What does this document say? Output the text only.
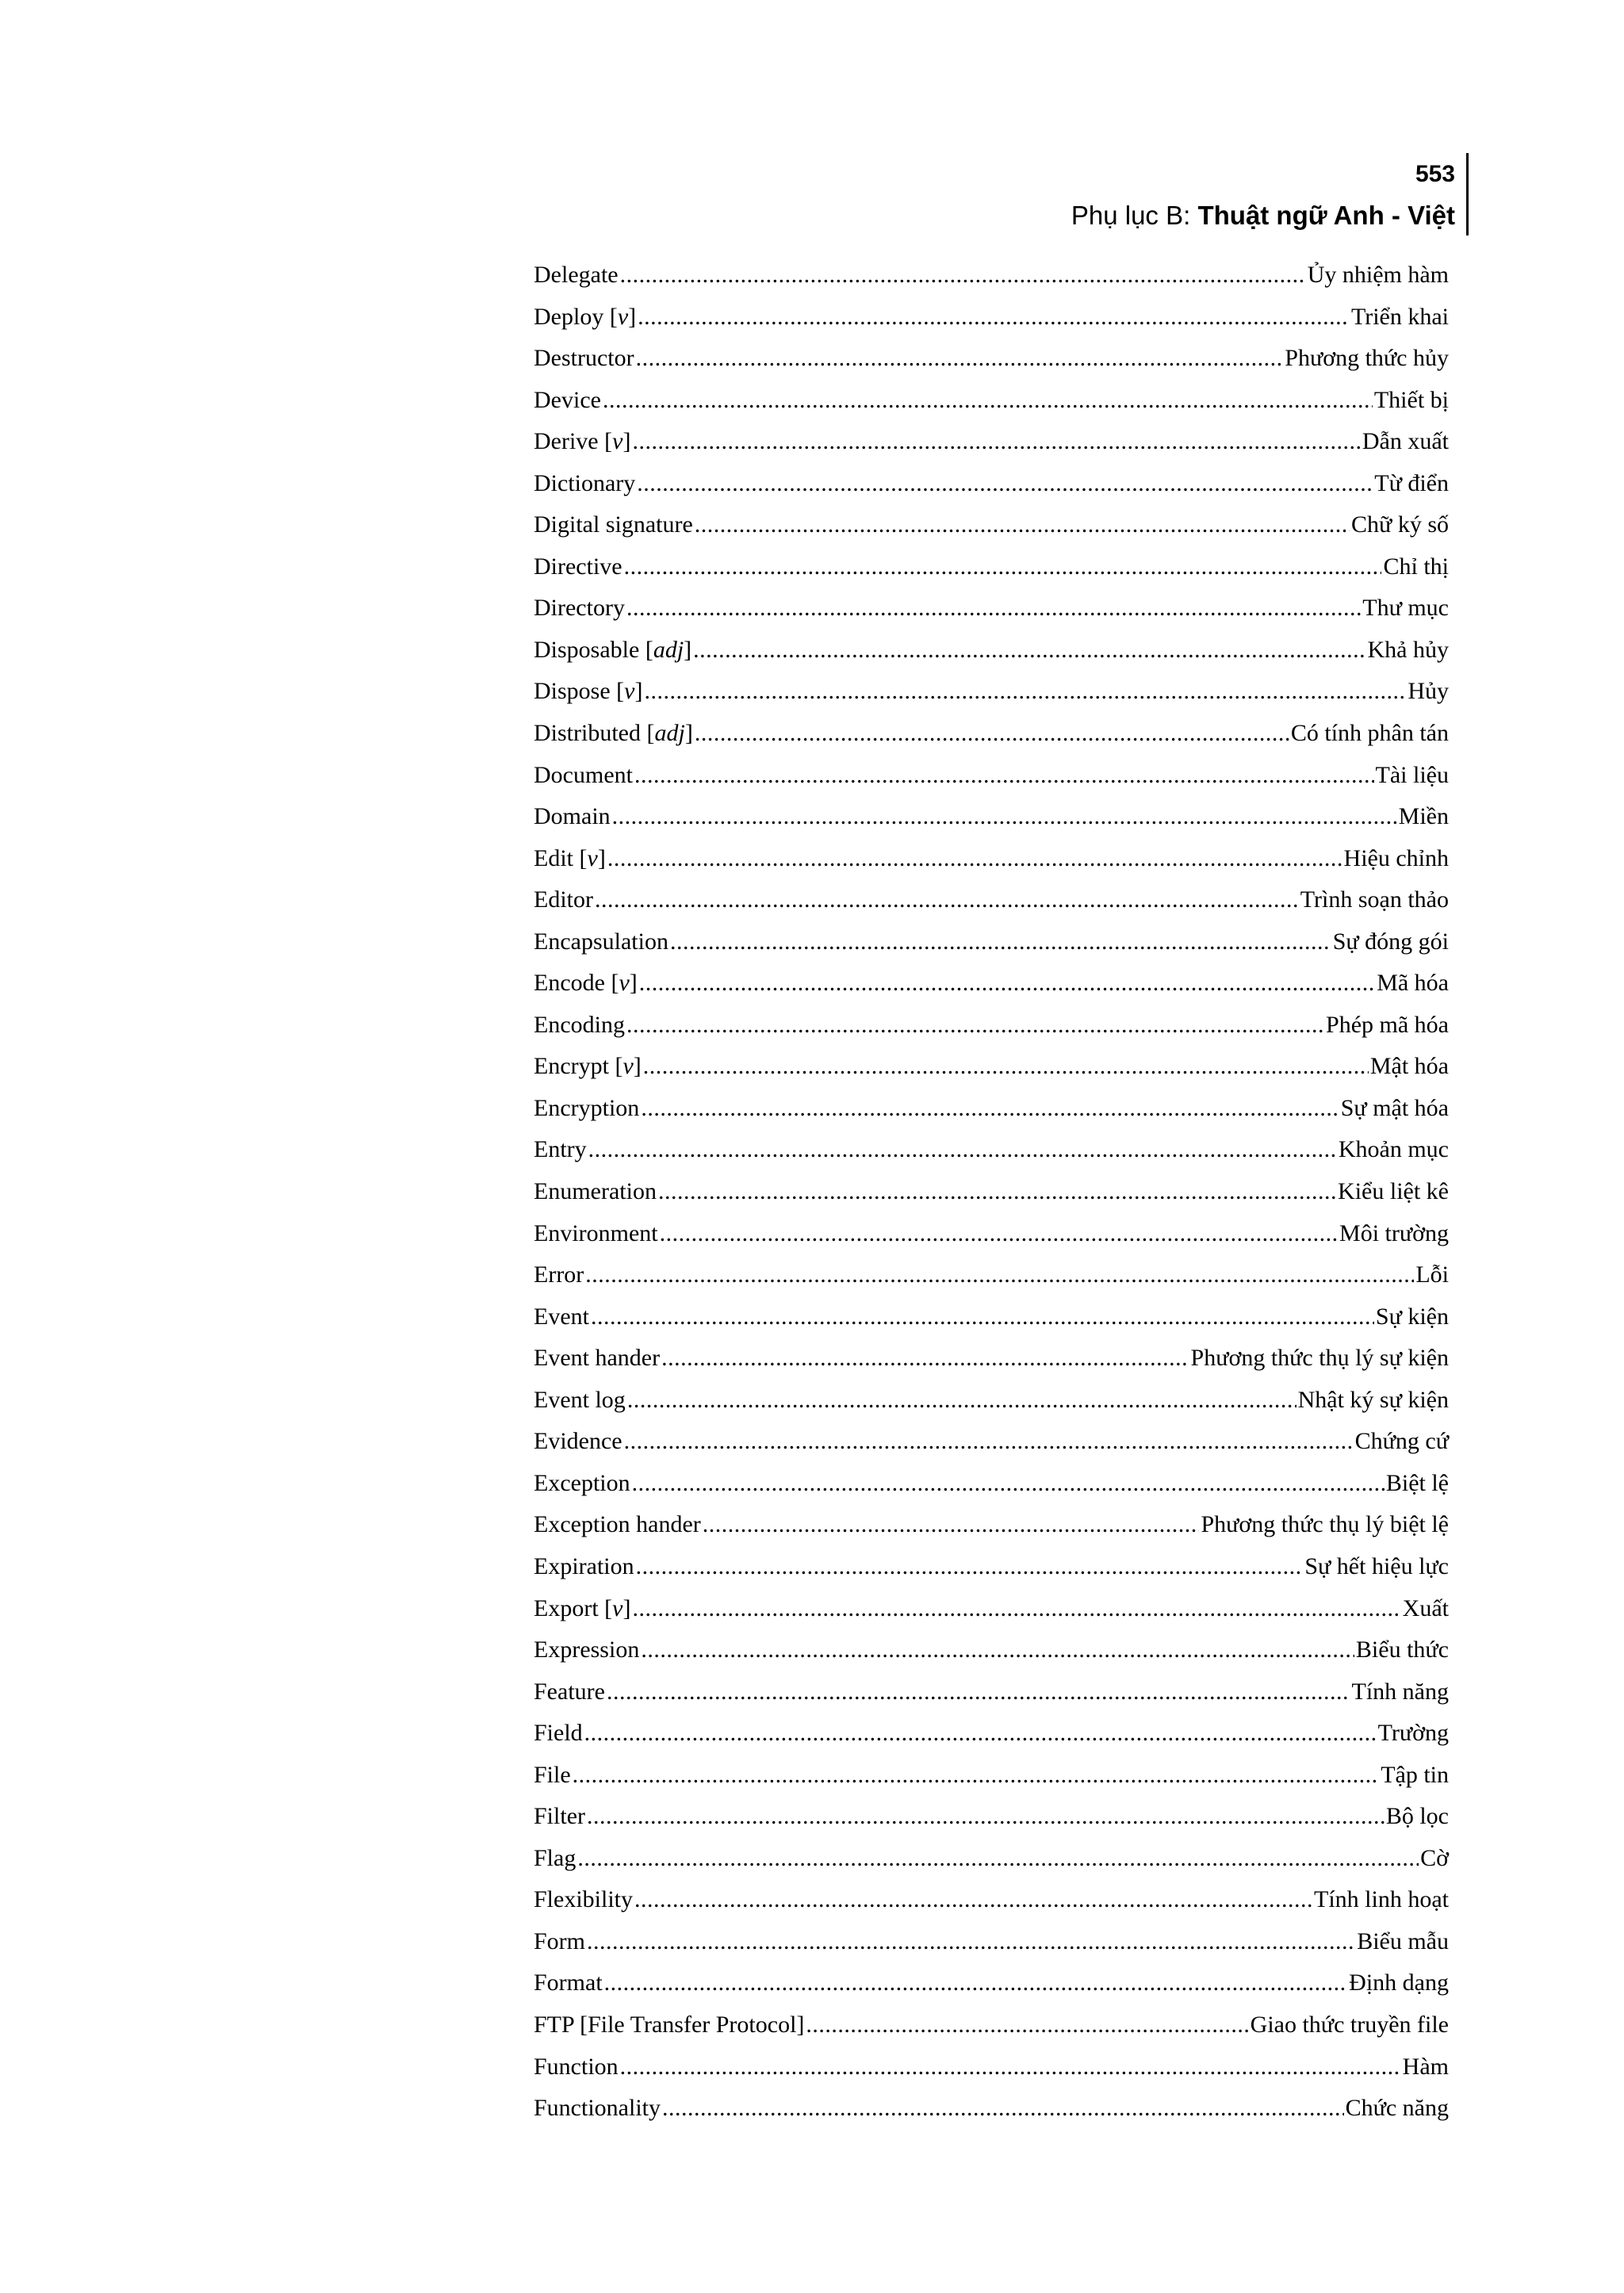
553
Phụ lục B: Thuật ngữ Anh - Việt
Delegate .....	Ủy nhiệm hàm
Deploy [v] .....	Triển khai
Destructor .....	Phương thức hủy
Device .....	Thiết bị
Derive [v] .....	Dẫn xuất
Dictionary .....	Từ điển
Digital signature .....	Chữ ký số
Directive .....	Chỉ thị
Directory .....	Thư mục
Disposable [adj] .....	Khả hủy
Dispose [v] .....	Hủy
Distributed [adj] .....	Có tính phân tán
Document .....	Tài liệu
Domain .....	Miền
Edit [v] .....	Hiệu chỉnh
Editor .....	Trình soạn thảo
Encapsulation .....	Sự đóng gói
Encode [v] .....	Mã hóa
Encoding .....	Phép mã hóa
Encrypt [v] .....	Mật hóa
Encryption .....	Sự mật hóa
Entry .....	Khoản mục
Enumeration .....	Kiểu liệt kê
Environment .....	Môi trường
Error .....	Lỗi
Event .....	Sự kiện
Event hander .....	Phương thức thụ lý sự kiện
Event log .....	Nhật ký sự kiện
Evidence .....	Chứng cứ
Exception .....	Biệt lệ
Exception hander .....	Phương thức thụ lý biệt lệ
Expiration .....	Sự hết hiệu lực
Export [v] .....	Xuất
Expression .....	Biểu thức
Feature .....	Tính năng
Field .....	Trường
File .....	Tập tin
Filter .....	Bộ lọc
Flag .....	Cờ
Flexibility .....	Tính linh hoạt
Form .....	Biểu mẫu
Format .....	Định dạng
FTP [File Transfer Protocol] .....	Giao thức truyền file
Function .....	Hàm
Functionality .....	Chức năng
